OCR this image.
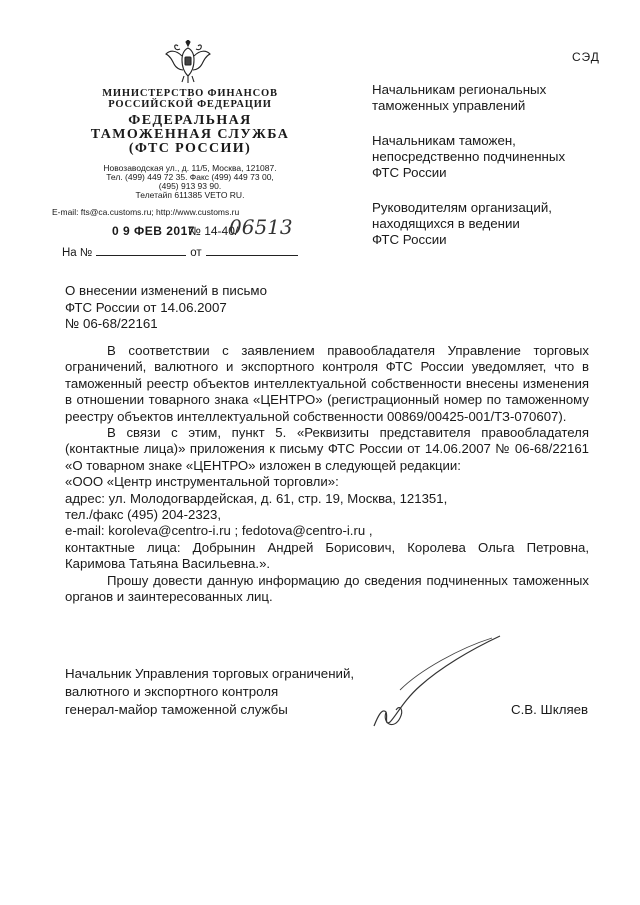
СЭД
МИНИСТЕРСТВО ФИНАНСОВ
РОССИЙСКОЙ ФЕДЕРАЦИИ
ФЕДЕРАЛЬНАЯ
ТАМОЖЕННАЯ СЛУЖБА
(ФТС РОССИИ)
Новозаводская ул., д. 11/5, Москва, 121087.
Тел. (499) 449 72 35. Факс (499) 449 73 00,
(495) 913 93 90.
Телетайп 611385 VETO RU.
E-mail: fts@ca.customs.ru; http://www.customs.ru
0 9 ФЕВ 2017
№ 14-40/
06513
На №	от
Начальникам региональных
таможенных управлений
Начальникам таможен,
непосредственно подчиненных
ФТС России
Руководителям организаций,
находящихся в ведении
ФТС России
О внесении изменений в письмо
ФТС России от 14.06.2007
№ 06-68/22161

В соответствии с заявлением правообладателя Управление торговых ограничений, валютного и экспортного контроля ФТС России уведомляет, что в таможенный реестр объектов интеллектуальной собственности внесены изменения в отношении товарного знака «ЦЕНТРО» (регистрационный номер по таможенному реестру объектов интеллектуальной собственности 00869/00425-001/ТЗ-070607).

В связи с этим, пункт 5. «Реквизиты представителя правообладателя (контактные лица)» приложения к письму ФТС России от 14.06.2007 № 06-68/22161 «О товарном знаке «ЦЕНТРО» изложен в следующей редакции:

«ООО «Центр инструментальной торговли»:
адрес: ул. Молодогвардейская, д. 61, стр. 19, Москва, 121351,
тел./факс (495) 204-2323,
e-mail: koroleva@centro-i.ru ; fedotova@centro-i.ru ,

контактные лица: Добрынин Андрей Борисович, Королева Ольга Петровна, Каримова Татьяна Васильевна.».

Прошу довести данную информацию до сведения подчиненных таможенных органов и заинтересованных лиц.

Начальник Управления торговых ограничений,
валютного и экспортного контроля
генерал-майор таможенной службы	С.В. Шкляев
